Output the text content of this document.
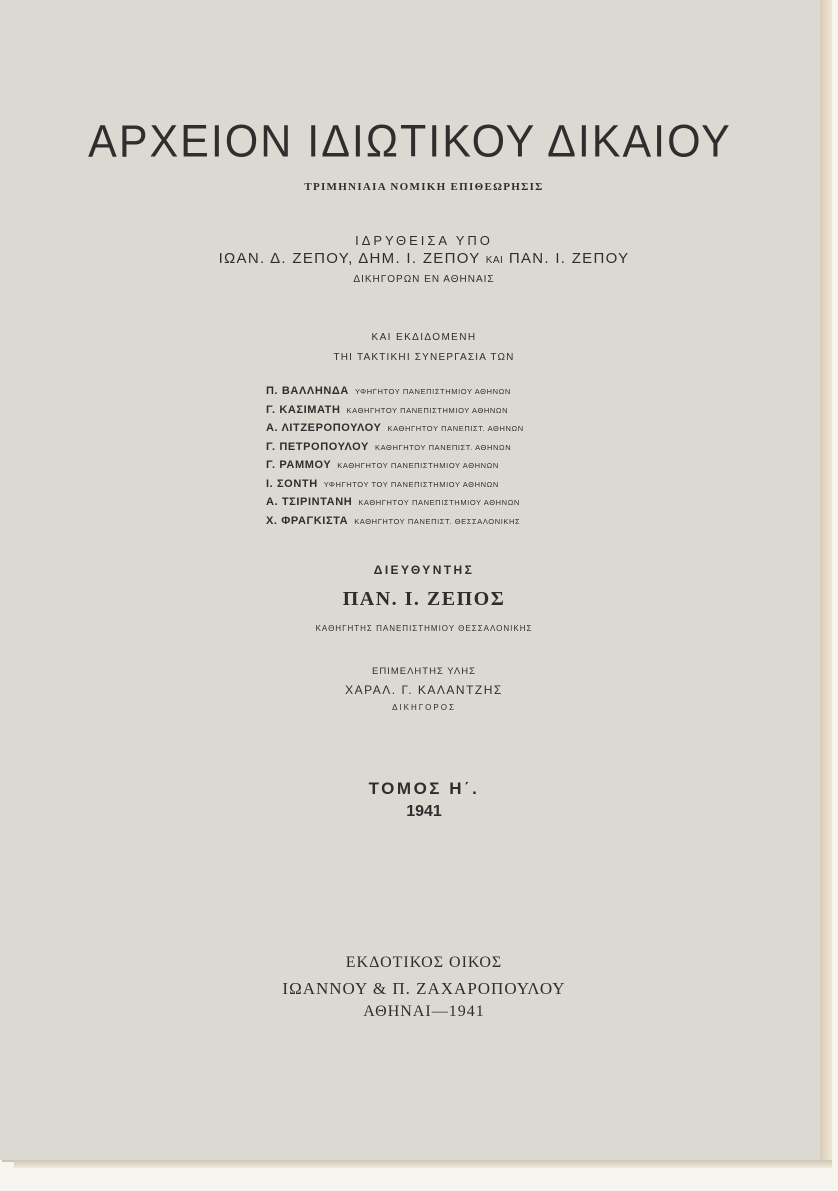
ΑΡΧΕΙΟΝ ΙΔΙΩΤΙΚΟΥ ΔΙΚΑΙΟΥ
ΤΡΙΜΗΝΙΑΙΑ ΝΟΜΙΚΗ ΕΠΙΘΕΩΡΗΣΙΣ
ΙΔΡΥΘΕΙΣΑ ΥΠΟ
ΙΩΑΝ. Δ. ΖΕΠΟΥ, ΔΗΜ. Ι. ΖΕΠΟΥ ΚΑΙ ΠΑΝ. Ι. ΖΕΠΟΥ
ΔΙΚΗΓΟΡΩΝ ΕΝ ΑΘΗΝΑΙΣ
ΚΑΙ ΕΚΔΙΔΟΜΕΝΗ
ΤΗΙ ΤΑΚΤΙΚΗΙ ΣΥΝΕΡΓΑΣΙΑ ΤΩΝ
Π. ΒΑΛΛΗΝΔΑ ΥΦΗΓΗΤΟΥ ΠΑΝΕΠΙΣΤΗΜΙΟΥ ΑΘΗΝΩΝ
Γ. ΚΑΣΙΜΑΤΗ ΚΑΘΗΓΗΤΟΥ ΠΑΝΕΠΙΣΤΗΜΙΟΥ ΑΘΗΝΩΝ
Α. ΛΙΤΖΕΡΟΠΟΥΛΟΥ ΚΑΘΗΓΗΤΟΥ ΠΑΝΕΠΙΣΤ. ΑΘΗΝΩΝ
Γ. ΠΕΤΡΟΠΟΥΛΟΥ ΚΑΘΗΓΗΤΟΥ ΠΑΝΕΠΙΣΤ. ΑΘΗΝΩΝ
Γ. ΡΑΜΜΟΥ ΚΑΘΗΓΗΤΟΥ ΠΑΝΕΠΙΣΤΗΜΙΟΥ ΑΘΗΝΩΝ
Ι. ΣΟΝΤΗ ΥΦΗΓΗΤΟΥ ΤΟΥ ΠΑΝΕΠΙΣΤΗΜΙΟΥ ΑΘΗΝΩΝ
Α. ΤΣΙΡΙΝΤΑΝΗ ΚΑΘΗΓΗΤΟΥ ΠΑΝΕΠΙΣΤΗΜΙΟΥ ΑΘΗΝΩΝ
Χ. ΦΡΑΓΚΙΣΤΑ ΚΑΘΗΓΗΤΟΥ ΠΑΝΕΠΙΣΤ. ΘΕΣΣΑΛΟΝΙΚΗΣ
ΔΙΕΥΘΥΝΤΗΣ
ΠΑΝ. Ι. ΖΕΠΟΣ
ΚΑΘΗΓΗΤΗΣ ΠΑΝΕΠΙΣΤΗΜΙΟΥ ΘΕΣΣΑΛΟΝΙΚΗΣ
ΕΠΙΜΕΛΗΤΗΣ ΥΛΗΣ
ΧΑΡΑΛ. Γ. ΚΑΛΑΝΤΖΗΣ
ΔΙΚΗΓΟΡΟΣ
ΤΟΜΟΣ Η΄.
1941
ΕΚΔΟΤΙΚΟΣ ΟΙΚΟΣ
ΙΩΑΝΝΟΥ & Π. ΖΑΧΑΡΟΠΟΥΛΟΥ
ΑΘΗΝΑΙ—1941
